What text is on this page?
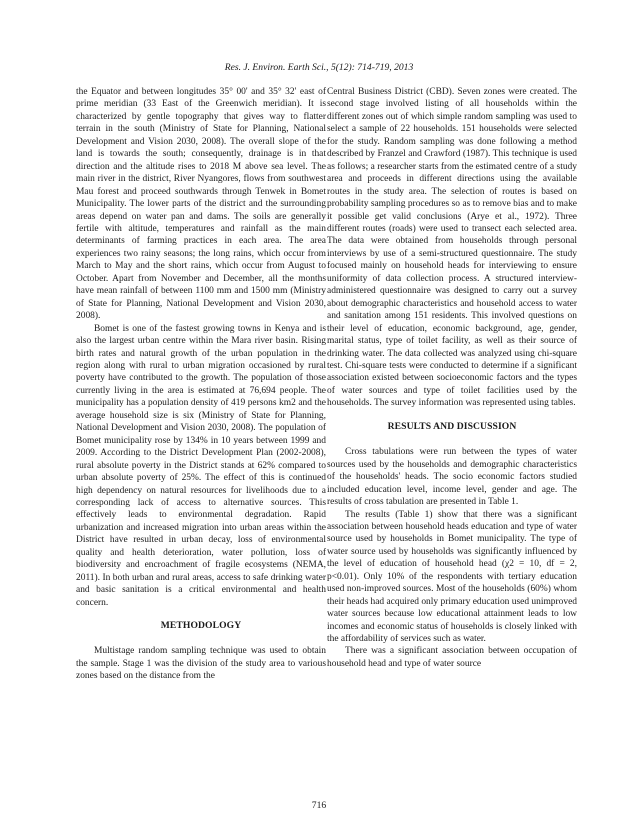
Res. J. Environ. Earth Sci., 5(12): 714-719, 2013

the Equator and between longitudes 35° 00' and 35° 32' east of prime meridian (33 East of the Greenwich meridian). It is characterized by gentle topography that gives way to flatter terrain in the south (Ministry of State for Planning, National Development and Vision 2030, 2008). The overall slope of the land is towards the south; consequently, drainage is in that direction and the altitude rises to 2018 M above sea level. The main river in the district, River Nyangores, flows from southwest Mau forest and proceed southwards through Tenwek in Bomet Municipality. The lower parts of the district and the surrounding areas depend on water pan and dams. The soils are generally fertile with altitude, temperatures and rainfall as the main determinants of farming practices in each area. The area experiences two rainy seasons; the long rains, which occur from March to May and the short rains, which occur from August to October. Apart from November and December, all the months have mean rainfall of between 1100 mm and 1500 mm (Ministry of State for Planning, National Development and Vision 2030, 2008).

Bomet is one of the fastest growing towns in Kenya and is also the largest urban centre within the Mara river basin. Rising birth rates and natural growth of the urban population in the region along with rural to urban migration occasioned by rural poverty have contributed to the growth. The population of those currently living in the area is estimated at 76,694 people. The municipality has a population density of 419 persons km2 and the average household size is six (Ministry of State for Planning, National Development and Vision 2030, 2008). The population of Bomet municipality rose by 134% in 10 years between 1999 and 2009. According to the District Development Plan (2002-2008), rural absolute poverty in the District stands at 62% compared to urban absolute poverty of 25%. The effect of this is continued high dependency on natural resources for livelihoods due to a corresponding lack of access to alternative sources. This effectively leads to environmental degradation. Rapid urbanization and increased migration into urban areas within the District have resulted in urban decay, loss of environmental quality and health deterioration, water pollution, loss of biodiversity and encroachment of fragile ecosystems (NEMA, 2011). In both urban and rural areas, access to safe drinking water and basic sanitation is a critical environmental and health concern.

METHODOLOGY

Multistage random sampling technique was used to obtain the sample. Stage 1 was the division of the study area to various zones based on the distance from the

Central Business District (CBD). Seven zones were created. The second stage involved listing of all households within the different zones out of which simple random sampling was used to select a sample of 22 households. 151 households were selected for the study. Random sampling was done following a method described by Franzel and Crawford (1987). This technique is used as follows; a researcher starts from the estimated centre of a study area and proceeds in different directions using the available routes in the study area. The selection of routes is based on probability sampling procedures so as to remove bias and to make it possible get valid conclusions (Arye et al., 1972). Three different routes (roads) were used to transect each selected area. The data were obtained from households through personal interviews by use of a semi-structured questionnaire. The study focused mainly on household heads for interviewing to ensure uniformity of data collection process. A structured interview-administered questionnaire was designed to carry out a survey about demographic characteristics and household access to water and sanitation among 151 residents. This involved questions on their level of education, economic background, age, gender, marital status, type of toilet facility, as well as their source of drinking water. The data collected was analyzed using chi-square test. Chi-square tests were conducted to determine if a significant association existed between socioeconomic factors and the types of water sources and type of toilet facilities used by the households. The survey information was represented using tables.

RESULTS AND DISCUSSION

Cross tabulations were run between the types of water sources used by the households and demographic characteristics of the households' heads. The socio economic factors studied included education level, income level, gender and age. The results of cross tabulation are presented in Table 1.

The results (Table 1) show that there was a significant association between household heads education and type of water source used by households in Bomet municipality. The type of water source used by households was significantly influenced by the level of education of household head (χ2 = 10, df = 2, p<0.01). Only 10% of the respondents with tertiary education used non-improved sources. Most of the households (60%) whom their heads had acquired only primary education used unimproved water sources because low educational attainment leads to low incomes and economic status of households is closely linked with the affordability of services such as water.

There was a significant association between occupation of household head and type of water source

716
